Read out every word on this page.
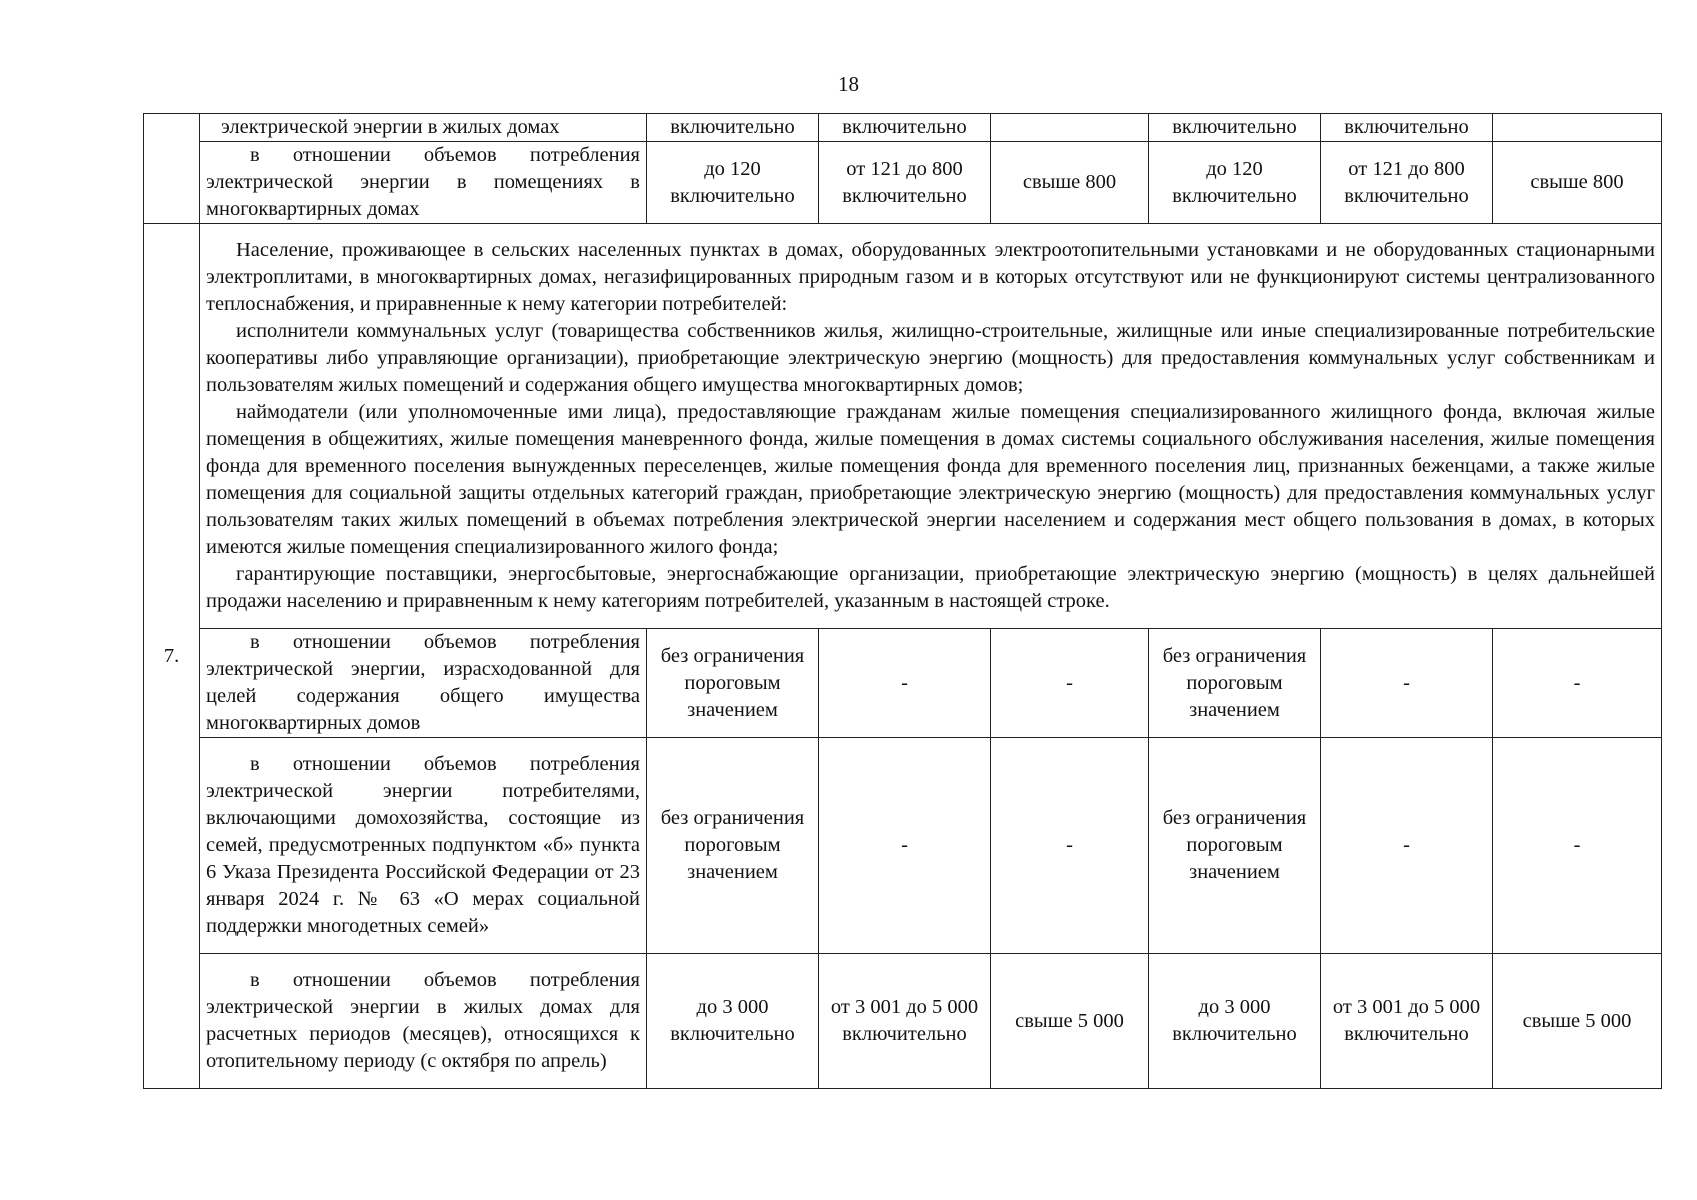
18

	электрической энергии в жилых домах	включительно	включительно		включительно	включительно	

	в отношении объемов потребления электрической энергии в помещениях в многоквартирных домах	до 120 включительно	от 121 до 800 включительно	свыше 800	до 120 включительно	от 121 до 800 включительно	свыше 800

7.	Население, проживающее в сельских населенных пунктах в домах, оборудованных электроотопительными установками и не оборудованных стационарными электроплитами, в многоквартирных домах, негазифицированных природным газом и в которых отсутствуют или не функционируют системы централизованного теплоснабжения, и приравненные к нему категории потребителей:
исполнители коммунальных услуг (товарищества собственников жилья, жилищно-строительные, жилищные или иные специализированные потребительские кооперативы либо управляющие организации), приобретающие электрическую энергию (мощность) для предоставления коммунальных услуг собственникам и пользователям жилых помещений и содержания общего имущества многоквартирных домов;
наймодатели (или уполномоченные ими лица), предоставляющие гражданам жилые помещения специализированного жилищного фонда, включая жилые помещения в общежитиях, жилые помещения маневренного фонда, жилые помещения в домах системы социального обслуживания населения, жилые помещения фонда для временного поселения вынужденных переселенцев, жилые помещения фонда для временного поселения лиц, признанных беженцами, а также жилые помещения для социальной защиты отдельных категорий граждан, приобретающие электрическую энергию (мощность) для предоставления коммунальных услуг пользователям таких жилых помещений в объемах потребления электрической энергии населением и содержания мест общего пользования в домах, в которых имеются жилые помещения специализированного жилого фонда;
гарантирующие поставщики, энергосбытовые, энергоснабжающие организации, приобретающие электрическую энергию (мощность) в целях дальнейшей продажи населению и приравненным к нему категориям потребителей, указанным в настоящей строке.						

	в отношении объемов потребления электрической энергии, израсходованной для целей содержания общего имущества многоквартирных домов	без ограничения пороговым значением	-	-	без ограничения пороговым значением	-	-

	в отношении объемов потребления электрической энергии потребителями, включающими домохозяйства, состоящие из семей, предусмотренных подпунктом «б» пункта 6 Указа Президента Российской Федерации от 23 января 2024 г. № 63 «О мерах социальной поддержки многодетных семей»	без ограничения пороговым значением	-	-	без ограничения пороговым значением	-	-

	в отношении объемов потребления электрической энергии в жилых домах для расчетных периодов (месяцев), относящихся к отопительному периоду (с октября по апрель)	до 3 000 включительно	от 3 001 до 5 000 включительно	свыше 5 000	до 3 000 включительно	от 3 001 до 5 000 включительно	свыше 5 000
